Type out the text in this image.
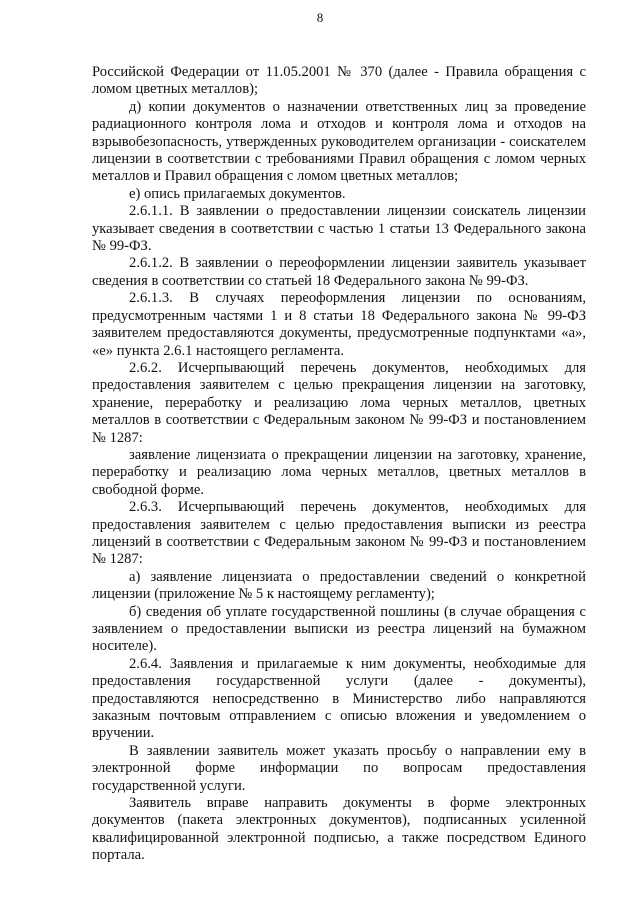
8

Российской Федерации от 11.05.2001 № 370 (далее - Правила обращения с ломом цветных металлов);

д) копии документов о назначении ответственных лиц за проведение радиационного контроля лома и отходов и контроля лома и отходов на взрывобезопасность, утвержденных руководителем организации - соискателем лицензии в соответствии с требованиями Правил обращения с ломом черных металлов и Правил обращения с ломом цветных металлов;

е) опись прилагаемых документов.

2.6.1.1. В заявлении о предоставлении лицензии соискатель лицензии указывает сведения в соответствии с частью 1 статьи 13 Федерального закона № 99-ФЗ.

2.6.1.2. В заявлении о переоформлении лицензии заявитель указывает сведения в соответствии со статьей 18 Федерального закона № 99-ФЗ.

2.6.1.3. В случаях переоформления лицензии по основаниям, предусмотренным частями 1 и 8 статьи 18 Федерального закона № 99-ФЗ заявителем предоставляются документы, предусмотренные подпунктами «а», «е» пункта 2.6.1 настоящего регламента.

2.6.2. Исчерпывающий перечень документов, необходимых для предоставления заявителем с целью прекращения лицензии на заготовку, хранение, переработку и реализацию лома черных металлов, цветных металлов в соответствии с Федеральным законом № 99-ФЗ и постановлением № 1287:

заявление лицензиата о прекращении лицензии на заготовку, хранение, переработку и реализацию лома черных металлов, цветных металлов в свободной форме.

2.6.3. Исчерпывающий перечень документов, необходимых для предоставления заявителем с целью предоставления выписки из реестра лицензий в соответствии с Федеральным законом № 99-ФЗ и постановлением № 1287:

а) заявление лицензиата о предоставлении сведений о конкретной лицензии (приложение № 5 к настоящему регламенту);

б) сведения об уплате государственной пошлины (в случае обращения с заявлением о предоставлении выписки из реестра лицензий на бумажном носителе).

2.6.4. Заявления и прилагаемые к ним документы, необходимые для предоставления государственной услуги (далее - документы), предоставляются непосредственно в Министерство либо направляются заказным почтовым отправлением с описью вложения и уведомлением о вручении.

В заявлении заявитель может указать просьбу о направлении ему в электронной форме информации по вопросам предоставления государственной услуги.

Заявитель вправе направить документы в форме электронных документов (пакета электронных документов), подписанных усиленной квалифицированной электронной подписью, а также посредством Единого портала.
